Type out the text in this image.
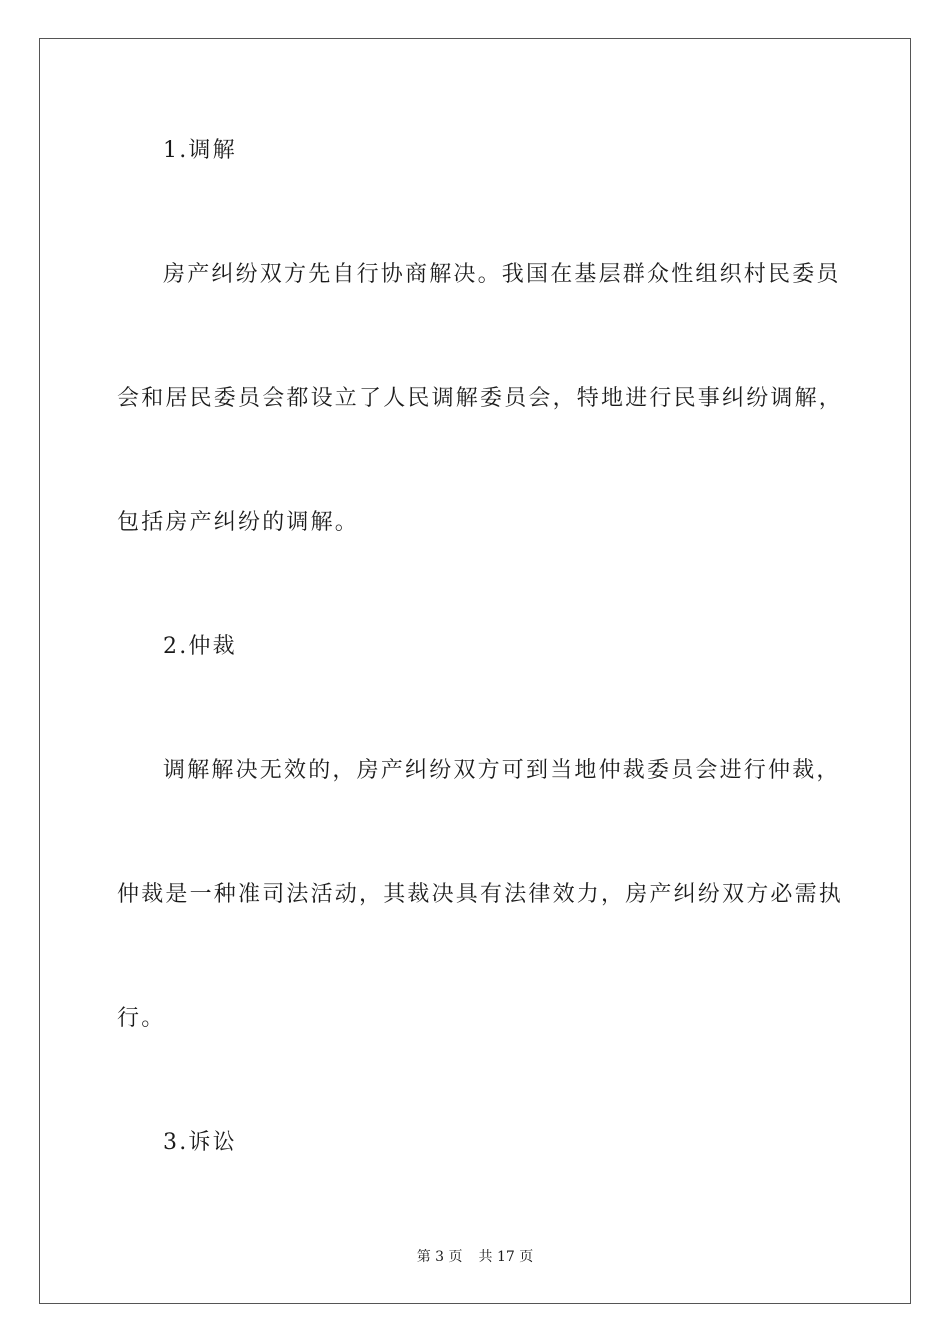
1.调解
房产纠纷双方先自行协商解决。我国在基层群众性组织村民委员
会和居民委员会都设立了人民调解委员会，特地进行民事纠纷调解，
包括房产纠纷的调解。
2.仲裁
调解解决无效的，房产纠纷双方可到当地仲裁委员会进行仲裁，
仲裁是一种准司法活动，其裁决具有法律效力，房产纠纷双方必需执
行。
3.诉讼
第 3 页 共 17 页
